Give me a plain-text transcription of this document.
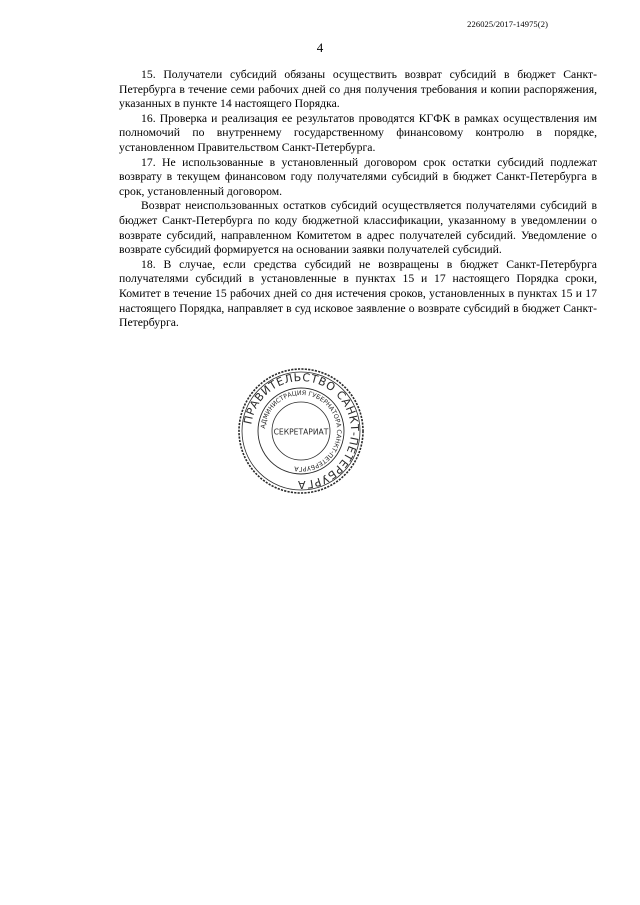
226025/2017-14975(2)
4

15. Получатели субсидий обязаны осуществить возврат субсидий в бюджет Санкт-Петербурга в течение семи рабочих дней со дня получения требования и копии распоряжения, указанных в пункте 14 настоящего Порядка.

16. Проверка и реализация ее результатов проводятся КГФК в рамках осуществления им полномочий по внутреннему государственному финансовому контролю в порядке, установленном Правительством Санкт-Петербурга.

17. Не использованные в установленный договором срок остатки субсидий подлежат возврату в текущем финансовом году получателями субсидий в бюджет Санкт-Петербурга в срок, установленный договором.

Возврат неиспользованных остатков субсидий осуществляется получателями субсидий в бюджет Санкт-Петербурга по коду бюджетной классификации, указанному в уведомлении о возврате субсидий, направленном Комитетом в адрес получателей субсидий. Уведомление о возврате субсидий формируется на основании заявки получателей субсидий.

18. В случае, если средства субсидий не возвращены в бюджет Санкт-Петербурга получателями субсидий в установленные в пунктах 15 и 17 настоящего Порядка сроки, Комитет в течение 15 рабочих дней со дня истечения сроков, установленных в пунктах 15 и 17 настоящего Порядка, направляет в суд исковое заявление о возврате субсидий в бюджет Санкт-Петербурга.

ПРАВИТЕЛЬСТВО САНКТ-ПЕТЕРБУРГА
АДМИНИСТРАЦИЯ ГУБЕРНАТОРА САНКТ-ПЕТЕРБУРГА
СЕКРЕТАРИАТ
